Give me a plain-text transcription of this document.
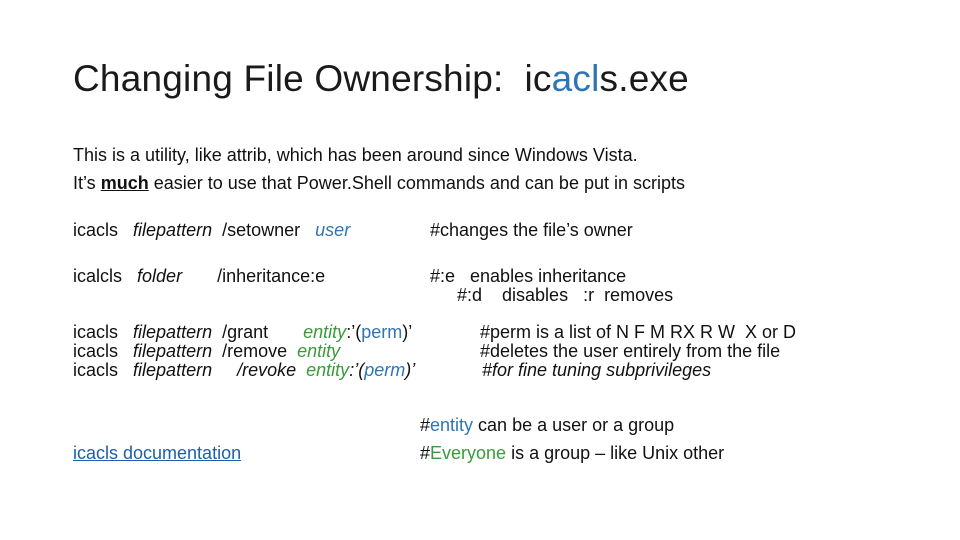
Changing File Ownership:  icacls.exe
This is a utility, like attrib, which has been around since Windows Vista.
It’s much easier to use that Power.Shell commands and can be put in scripts
icacls filepattern /setowner user	#changes the file’s owner
icalcls folder /inheritance:e	#:e   enables inheritance
#:d    disables   :r  removes
icacls filepattern /grant entity:’(perm)’	#perm is a list of N F M RX R W  X or D
icacls filepattern /remove entity	#deletes the user entirely from the file
icacls filepattern /revoke entity:’(perm)’	#for fine tuning subprivileges
#entity can be a user or a group
#Everyone is a group – like Unix other
icacls documentation
